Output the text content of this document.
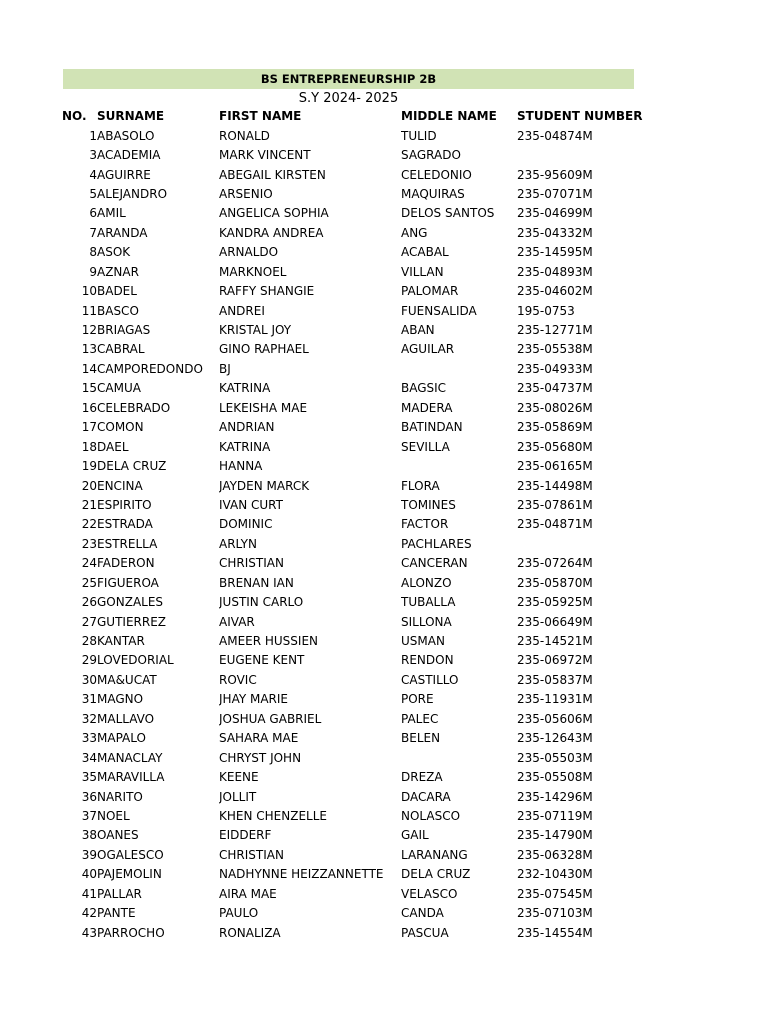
BS ENTREPRENEURSHIP 2B
S.Y 2024- 2025
NO.	SURNAME	FIRST NAME	MIDDLE NAME	STUDENT NUMBER
1	ABASOLO	RONALD	TULID	235-04874M
3	ACADEMIA	MARK VINCENT	SAGRADO	
4	AGUIRRE	ABEGAIL KIRSTEN	CELEDONIO	235-95609M
5	ALEJANDRO	ARSENIO	MAQUIRAS	235-07071M
6	AMIL	ANGELICA SOPHIA	DELOS SANTOS	235-04699M
7	ARANDA	KANDRA ANDREA	ANG	235-04332M
8	ASOK	ARNALDO	ACABAL	235-14595M
9	AZNAR	MARKNOEL	VILLAN	235-04893M
10	BADEL	RAFFY SHANGIE	PALOMAR	235-04602M
11	BASCO	ANDREI	FUENSALIDA	195-0753
12	BRIAGAS	KRISTAL JOY	ABAN	235-12771M
13	CABRAL	GINO RAPHAEL	AGUILAR	235-05538M
14	CAMPOREDONDO	BJ		235-04933M
15	CAMUA	KATRINA	BAGSIC	235-04737M
16	CELEBRADO	LEKEISHA MAE	MADERA	235-08026M
17	COMON	ANDRIAN	BATINDAN	235-05869M
18	DAEL	KATRINA	SEVILLA	235-05680M
19	DELA CRUZ	HANNA		235-06165M
20	ENCINA	JAYDEN MARCK	FLORA	235-14498M
21	ESPIRITO	IVAN CURT	TOMINES	235-07861M
22	ESTRADA	DOMINIC	FACTOR	235-04871M
23	ESTRELLA	ARLYN	PACHLARES	
24	FADERON	CHRISTIAN	CANCERAN	235-07264M
25	FIGUEROA	BRENAN IAN	ALONZO	235-05870M
26	GONZALES	JUSTIN CARLO	TUBALLA	235-05925M
27	GUTIERREZ	AIVAR	SILLONA	235-06649M
28	KANTAR	AMEER HUSSIEN	USMAN	235-14521M
29	LOVEDORIAL	EUGENE KENT	RENDON	235-06972M
30	MA&UCAT	ROVIC	CASTILLO	235-05837M
31	MAGNO	JHAY MARIE	PORE	235-11931M
32	MALLAVO	JOSHUA GABRIEL	PALEC	235-05606M
33	MAPALO	SAHARA MAE	BELEN	235-12643M
34	MANACLAY	CHRYST JOHN		235-05503M
35	MARAVILLA	KEENE	DREZA	235-05508M
36	NARITO	JOLLIT	DACARA	235-14296M
37	NOEL	KHEN CHENZELLE	NOLASCO	235-07119M
38	OANES	EIDDERF	GAIL	235-14790M
39	OGALESCO	CHRISTIAN	LARANANG	235-06328M
40	PAJEMOLIN	NADHYNNE HEIZZANNETTE	DELA CRUZ	232-10430M
41	PALLAR	AIRA MAE	VELASCO	235-07545M
42	PANTE	PAULO	CANDA	235-07103M
43	PARROCHO	RONALIZA	PASCUA	235-14554M
